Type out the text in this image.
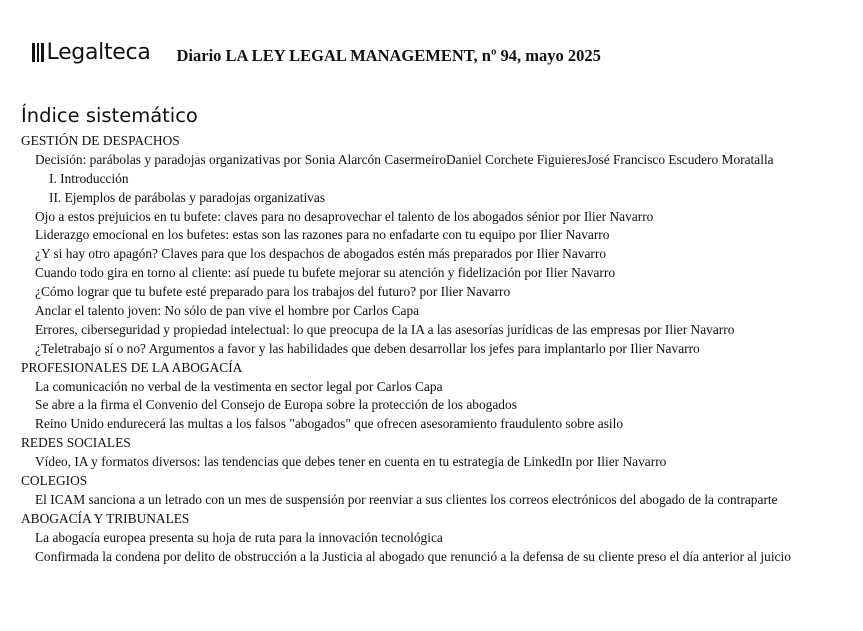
Legalteca Diario LA LEY LEGAL MANAGEMENT, nº 94, mayo 2025
Índice sistemático
GESTIÓN DE DESPACHOS
Decisión: parábolas y paradojas organizativas por Sonia Alarcón CasermeiroDaniel Corchete FiguieresJosé Francisco Escudero Moratalla
I. Introducción
II. Ejemplos de parábolas y paradojas organizativas
Ojo a estos prejuicios en tu bufete: claves para no desaprovechar el talento de los abogados sénior por Ilier Navarro
Liderazgo emocional en los bufetes: estas son las razones para no enfadarte con tu equipo por Ilier Navarro
¿Y si hay otro apagón? Claves para que los despachos de abogados estén más preparados por Ilier Navarro
Cuando todo gira en torno al cliente: así puede tu bufete mejorar su atención y fidelización por Ilier Navarro
¿Cómo lograr que tu bufete esté preparado para los trabajos del futuro? por Ilier Navarro
Anclar el talento joven: No sólo de pan vive el hombre por Carlos Capa
Errores, ciberseguridad y propiedad intelectual: lo que preocupa de la IA a las asesorías jurídicas de las empresas por Ilier Navarro
¿Teletrabajo sí o no? Argumentos a favor y las habilidades que deben desarrollar los jefes para implantarlo por Ilier Navarro
PROFESIONALES DE LA ABOGACÍA
La comunicación no verbal de la vestimenta en sector legal por Carlos Capa
Se abre a la firma el Convenio del Consejo de Europa sobre la protección de los abogados
Reino Unido endurecerá las multas a los falsos "abogados" que ofrecen asesoramiento fraudulento sobre asilo
REDES SOCIALES
Vídeo, IA y formatos diversos: las tendencias que debes tener en cuenta en tu estrategia de LinkedIn por Ilier Navarro
COLEGIOS
El ICAM sanciona a un letrado con un mes de suspensión por reenviar a sus clientes los correos electrónicos del abogado de la contraparte
ABOGACÍA Y TRIBUNALES
La abogacía europea presenta su hoja de ruta para la innovación tecnológica
Confirmada la condena por delito de obstrucción a la Justicia al abogado que renunció a la defensa de su cliente preso el día anterior al juicio
